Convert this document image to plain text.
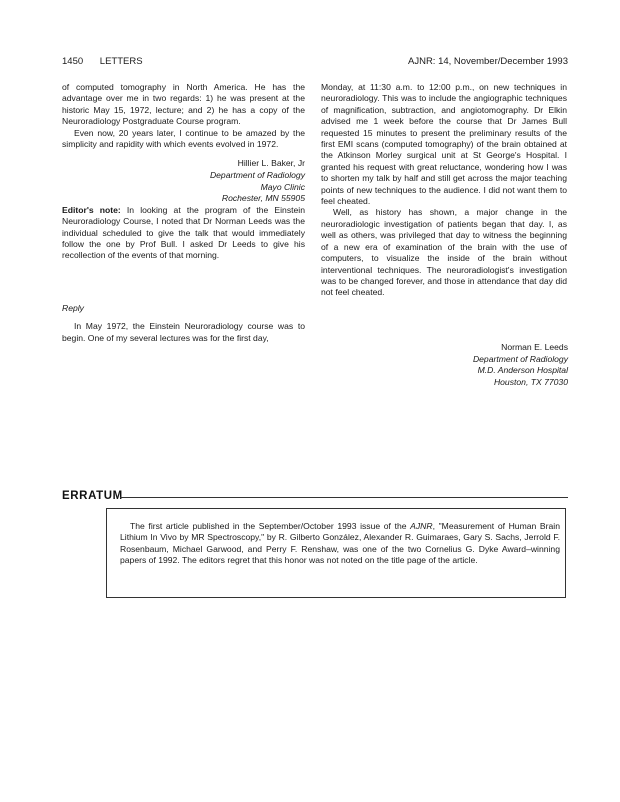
1450 LETTERS	AJNR: 14, November/December 1993

of computed tomography in North America. He has the advantage over me in two regards: 1) he was present at the historic May 15, 1972, lecture; and 2) he has a copy of the Neuroradiology Postgraduate Course program.

Even now, 20 years later, I continue to be amazed by the simplicity and rapidity with which events evolved in 1972.

Hillier L. Baker, Jr
Department of Radiology
Mayo Clinic
Rochester, MN 55905

Editor's note: In looking at the program of the Einstein Neuroradiology Course, I noted that Dr Norman Leeds was the individual scheduled to give the talk that would immediately follow the one by Prof Bull. I asked Dr Leeds to give his recollection of the events of that morning.

Reply

In May 1972, the Einstein Neuroradiology course was to begin. One of my several lectures was for the first day,

Monday, at 11:30 a.m. to 12:00 p.m., on new techniques in neuroradiology. This was to include the angiographic techniques of magnification, subtraction, and angiotomography. Dr Elkin advised me 1 week before the course that Dr James Bull requested 15 minutes to present the preliminary results of the first EMI scans (computed tomography) of the brain obtained at the Atkinson Morley surgical unit at St George's Hospital. I granted his request with great reluctance, wondering how I was to shorten my talk by half and still get across the major teaching points of new techniques to the audience. I did not want them to feel cheated.

Well, as history has shown, a major change in the neuroradiologic investigation of patients began that day. I, as well as others, was privileged that day to witness the beginning of a new era of examination of the brain with the use of computers, to visualize the inside of the brain without interventional techniques. The neuroradiologist's investigation was to be changed forever, and those in attendance that day did not feel cheated.

Norman E. Leeds
Department of Radiology
M.D. Anderson Hospital
Houston, TX 77030
ERRATUM

The first article published in the September/October 1993 issue of the AJNR, "Measurement of Human Brain Lithium In Vivo by MR Spectroscopy," by R. Gilberto González, Alexander R. Guimaraes, Gary S. Sachs, Jerrold F. Rosenbaum, Michael Garwood, and Perry F. Renshaw, was one of the two Cornelius G. Dyke Award–winning papers of 1992. The editors regret that this honor was not noted on the title page of the article.
